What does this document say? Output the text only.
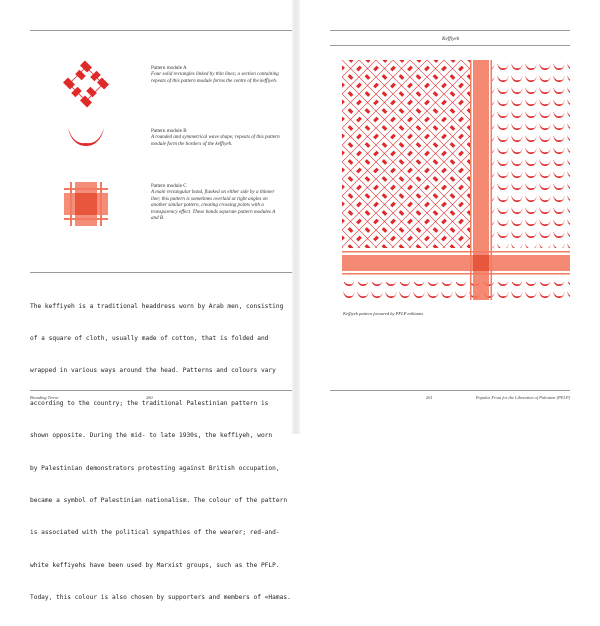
Pattern module A
Four solid rectangles linked by thin lines; a section containing repeats of this pattern module forms the centre of the keffiyeh.
Pattern module B
A rounded and symmetrical wave shape; repeats of this pattern module form the borders of the keffiyeh.
Pattern module C
A main rectangular band, flanked on either side by a thinner line; this pattern is sometimes overlaid at right angles on another similar pattern, creating crossing points with a transparency effect. These bands separate pattern modules A and B.

The keffiyeh is a traditional headdress worn by Arab men, consisting

of a square of cloth, usually made of cotton, that is folded and

wrapped in various ways around the head. Patterns and colours vary

according to the country; the traditional Palestinian pattern is

shown opposite. During the mid- to late 1930s, the keffiyeh, worn

by Palestinian demonstrators protesting against British occupation,

became a symbol of Palestinian nationalism. The colour of the pattern

is associated with the political sympathies of the wearer; red-and-

white keffiyehs have been used by Marxist groups, such as the PFLP.

Today, this colour is also chosen by supporters and members of «Hamas.

Branding Terror	260
Keffiyeh
Keffiyeh pattern favoured by PFLP militants
261	Popular Front for the Liberation of Palestine (PFLP)
